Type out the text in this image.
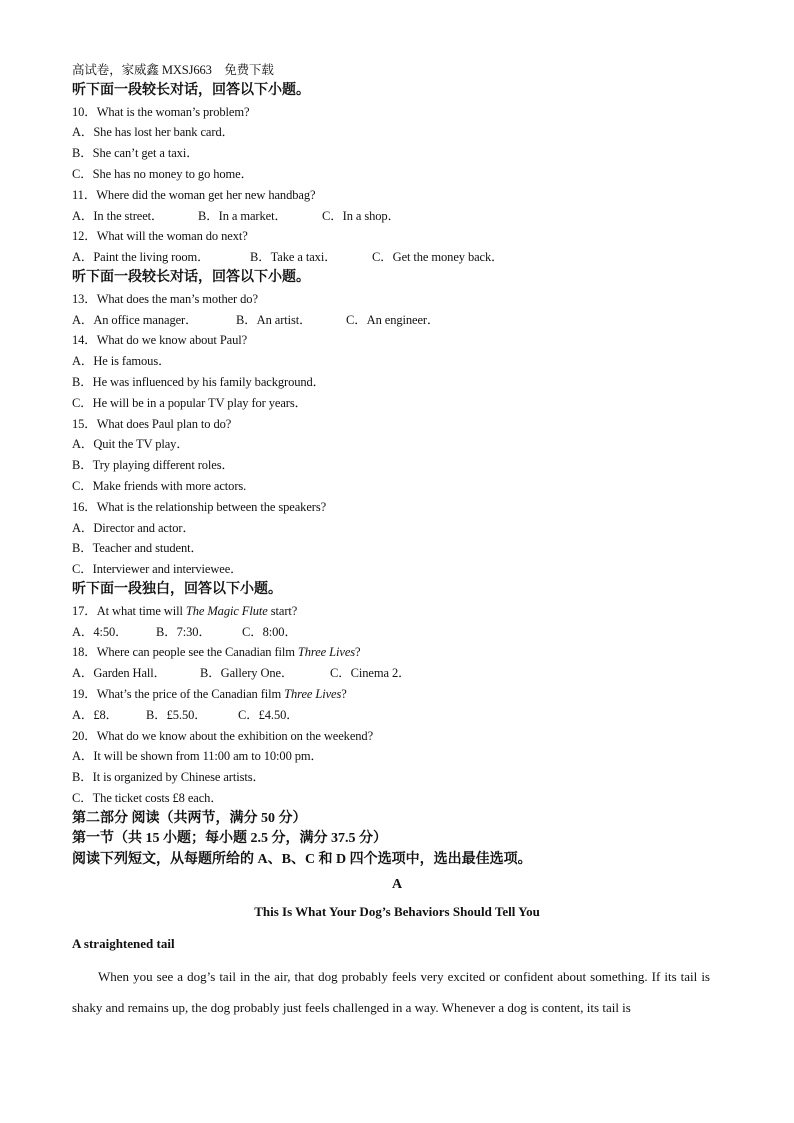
高试卷，家威鑫 MXSJ663　免费下载
听下面一段较长对话，回答以下小题。
10．What is the woman’s problem?
A．She has lost her bank card．
B．She can’t get a taxi．
C．She has no money to go home．
11．Where did the woman get her new handbag?
A．In the street．	B．In a market．	C．In a shop．
12．What will the woman do next?
A．Paint the living room．	B．Take a taxi．	C．Get the money back．
听下面一段较长对话，回答以下小题。
13．What does the man’s mother do?
A．An office manager．	B．An artist．	C．An engineer．
14．What do we know about Paul?
A．He is famous．
B．He was influenced by his family background．
C．He will be in a popular TV play for years．
15．What does Paul plan to do?
A．Quit the TV play．
B．Try playing different roles．
C．Make friends with more actors.
16．What is the relationship between the speakers?
A．Director and actor．
B．Teacher and student．
C．Interviewer and interviewee．
听下面一段独白，回答以下小题。
17．At what time will The Magic Flute start?
A．4:50． B．7:30． C．8:00．
18．Where can people see the Canadian film Three Lives?
A．Garden Hall．	B．Gallery One．	C．Cinema 2．
19．What’s the price of the Canadian film Three Lives?
A．£8． B．£5.50．	C．£4.50．
20．What do we know about the exhibition on the weekend?
A．It will be shown from 11:00 am to 10:00 pm．
B．It is organized by Chinese artists．
C．The ticket costs £8 each．
第二部分 阅读（共两节，满分 50 分）
第一节（共 15 小题；每小题 2.5 分，满分 37.5 分）
阅读下列短文，从每题所给的 A、B、C 和 D 四个选项中，选出最佳选项。
A
This Is What Your Dog’s Behaviors Should Tell You
A straightened tail
When you see a dog’s tail in the air, that dog probably feels very excited or confident about something. If its tail is shaky and remains up, the dog probably just feels challenged in a way. Whenever a dog is content, its tail is
